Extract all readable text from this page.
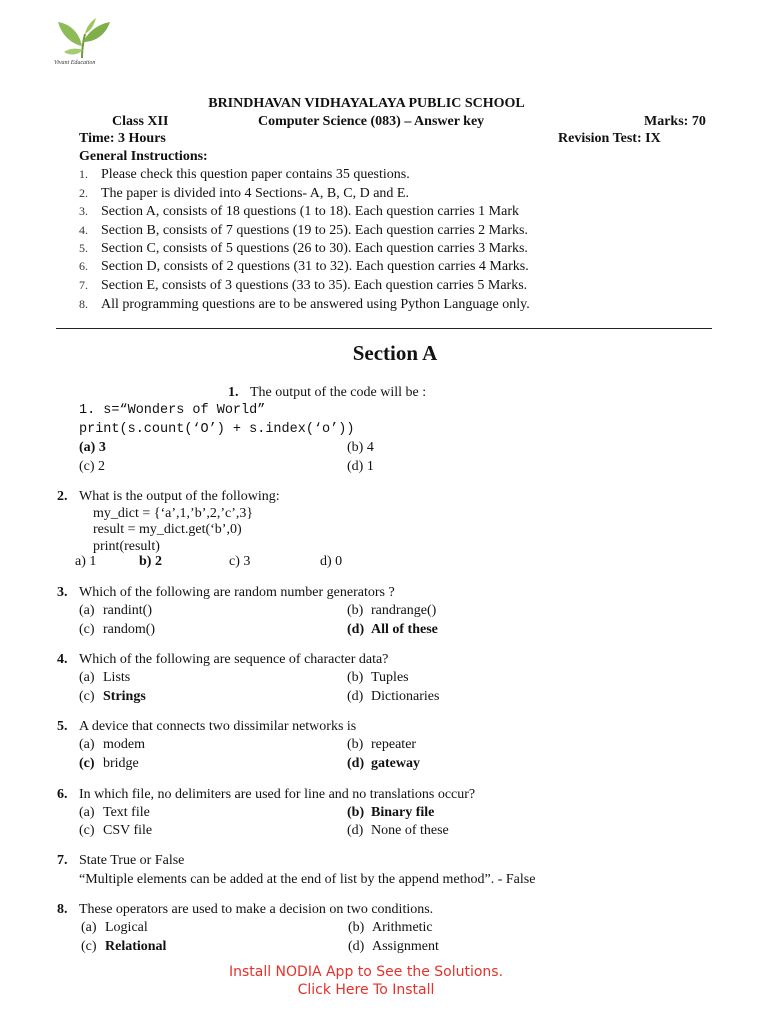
Vivant Education
BRINDHAVAN VIDHAYALAYA PUBLIC SCHOOL
Class XII	Computer Science (083) – Answer key	Marks: 70
Time: 3 Hours	Revision Test: IX
General Instructions:
1. Please check this question paper contains 35 questions.
2. The paper is divided into 4 Sections- A, B, C, D and E.
3. Section A, consists of 18 questions (1 to 18). Each question carries 1 Mark
4. Section B, consists of 7 questions (19 to 25). Each question carries 2 Marks.
5. Section C, consists of 5 questions (26 to 30). Each question carries 3 Marks.
6. Section D, consists of 2 questions (31 to 32). Each question carries 4 Marks.
7. Section E, consists of 3 questions (33 to 35). Each question carries 5 Marks.
8. All programming questions are to be answered using Python Language only.
Section A
1. The output of the code will be :
1. s=“Wonders of World”
print(s.count(‘O’) + s.index(‘o’))
(a) 3	(b) 4
(c) 2	(d) 1
2. What is the output of the following:
my_dict = {‘a’,1,’b’,2,’c’,3}
result = my_dict.get(‘b’,0)
print(result)
a) 1	b) 2	c) 3	d) 0
3. Which of the following are random number generators ?
(a) randint()	(b) randrange()
(c) random()	(d) All of these
4. Which of the following are sequence of character data?
(a) Lists	(b) Tuples
(c) Strings	(d) Dictionaries
5. A device that connects two dissimilar networks is
(a) modem	(b) repeater
(c) bridge	(d) gateway
6. In which file, no delimiters are used for line and no translations occur?
(a) Text file	(b) Binary file
(c) CSV file	(d) None of these
7. State True or False
“Multiple elements can be added at the end of list by the append method”. - False
8. These operators are used to make a decision on two conditions.
(a) Logical	(b) Arithmetic
(c) Relational	(d) Assignment
Install NODIA App to See the Solutions.
Click Here To Install
